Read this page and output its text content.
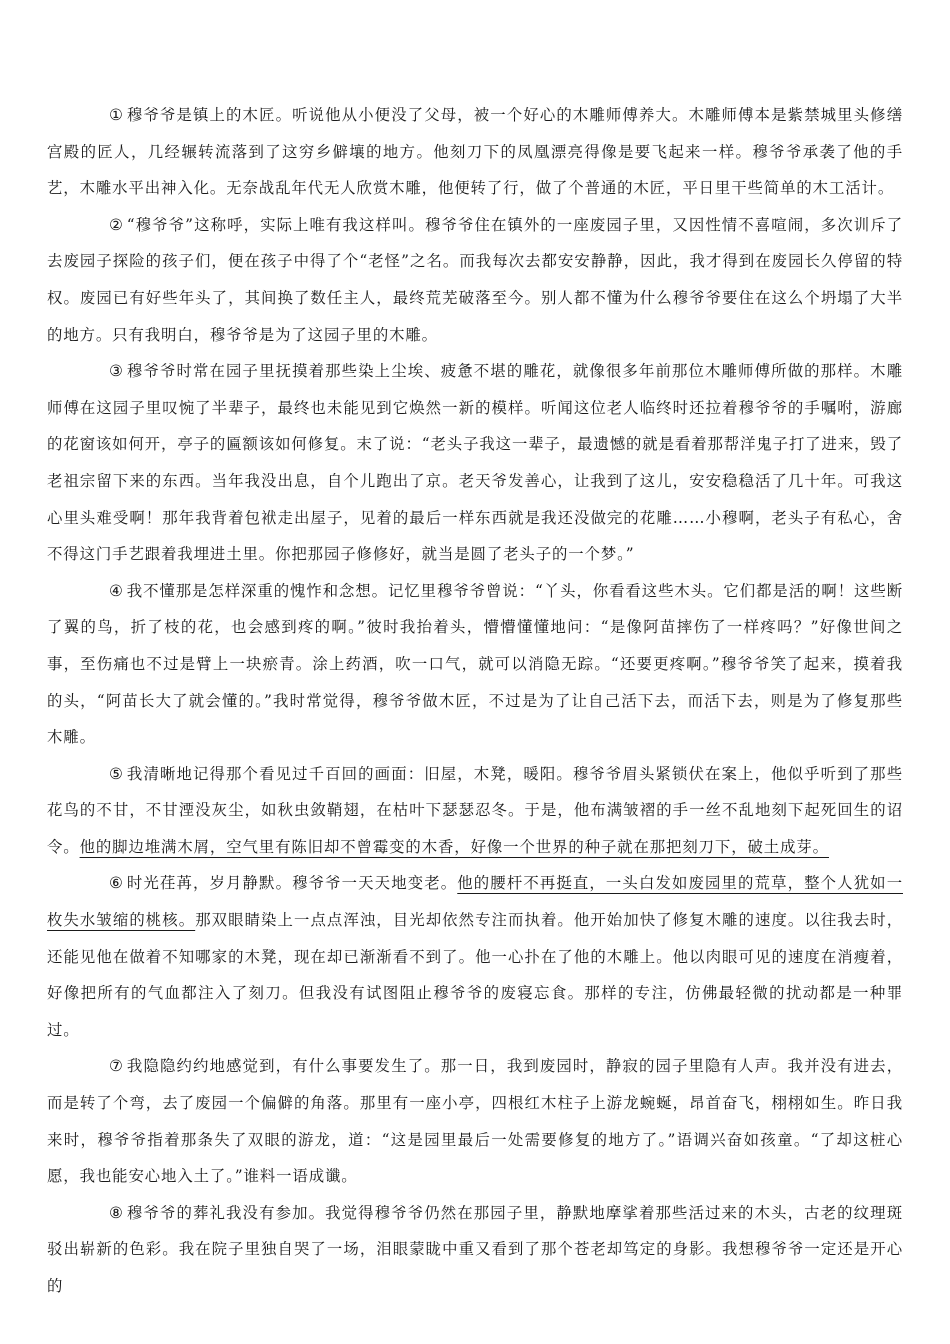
① 穆爷爷是镇上的木匠。听说他从小便没了父母，被一个好心的木雕师傅养大。木雕师傅本是紫禁城里头修缮宫殿的匠人，几经辗转流落到了这穷乡僻壤的地方。他刻刀下的凤凰漂亮得像是要飞起来一样。穆爷爷承袭了他的手艺，木雕水平出神入化。无奈战乱年代无人欣赏木雕，他便转了行，做了个普通的木匠，平日里干些简单的木工活计。

② “穆爷爷”这称呼，实际上唯有我这样叫。穆爷爷住在镇外的一座废园子里，又因性情不喜喧闹，多次训斥了去废园子探险的孩子们，便在孩子中得了个“老怪”之名。而我每次去都安安静静，因此，我才得到在废园长久停留的特权。废园已有好些年头了，其间换了数任主人，最终荒芜破落至今。别人都不懂为什么穆爷爷要住在这么个坍塌了大半的地方。只有我明白，穆爷爷是为了这园子里的木雕。

③ 穆爷爷时常在园子里抚摸着那些染上尘埃、疲惫不堪的雕花，就像很多年前那位木雕师傅所做的那样。木雕师傅在这园子里叹惋了半辈子，最终也未能见到它焕然一新的模样。听闻这位老人临终时还拉着穆爷爷的手嘱咐，游廊的花窗该如何开，亭子的匾额该如何修复。末了说：“老头子我这一辈子，最遗憾的就是看着那帮洋鬼子打了进来，毁了老祖宗留下来的东西。当年我没出息，自个儿跑出了京。老天爷发善心，让我到了这儿，安安稳稳活了几十年。可我这心里头难受啊！那年我背着包袱走出屋子，见着的最后一样东西就是我还没做完的花雕……小穆啊，老头子有私心，舍不得这门手艺跟着我埋进土里。你把那园子修修好，就当是圆了老头子的一个梦。”

④ 我不懂那是怎样深重的愧怍和念想。记忆里穆爷爷曾说：“丫头，你看看这些木头。它们都是活的啊！这些断了翼的鸟，折了枝的花，也会感到疼的啊。”彼时我抬着头，懵懵懂懂地问：“是像阿苗摔伤了一样疼吗？”好像世间之事，至伤痛也不过是臂上一块瘀青。涂上药酒，吹一口气，就可以消隐无踪。“还要更疼啊。”穆爷爷笑了起来，摸着我的头，“阿苗长大了就会懂的。”我时常觉得，穆爷爷做木匠，不过是为了让自己活下去，而活下去，则是为了修复那些木雕。

⑤ 我清晰地记得那个看见过千百回的画面：旧屋，木凳，暖阳。穆爷爷眉头紧锁伏在案上，他似乎听到了那些花鸟的不甘，不甘湮没灰尘，如秋虫敛鞘翅，在枯叶下瑟瑟忍冬。于是，他布满皱褶的手一丝不乱地刻下起死回生的诏令。他的脚边堆满木屑，空气里有陈旧却不曾霉变的木香，好像一个世界的种子就在那把刻刀下，破土成芽。

⑥ 时光荏苒，岁月静默。穆爷爷一天天地变老。他的腰杆不再挺直，一头白发如废园里的荒草，整个人犹如一枚失水皱缩的桃核。那双眼睛染上一点点浑浊，目光却依然专注而执着。他开始加快了修复木雕的速度。以往我去时，还能见他在做着不知哪家的木凳，现在却已渐渐看不到了。他一心扑在了他的木雕上。他以肉眼可见的速度在消瘦着，好像把所有的气血都注入了刻刀。但我没有试图阻止穆爷爷的废寝忘食。那样的专注，仿佛最轻微的扰动都是一种罪过。

⑦ 我隐隐约约地感觉到，有什么事要发生了。那一日，我到废园时，静寂的园子里隐有人声。我并没有进去，而是转了个弯，去了废园一个偏僻的角落。那里有一座小亭，四根红木柱子上游龙蜿蜒，昂首奋飞，栩栩如生。昨日我来时，穆爷爷指着那条失了双眼的游龙，道：“这是园里最后一处需要修复的地方了。”语调兴奋如孩童。“了却这桩心愿，我也能安心地入土了。”谁料一语成谶。

⑧ 穆爷爷的葬礼我没有参加。我觉得穆爷爷仍然在那园子里，静默地摩挲着那些活过来的木头，古老的纹理斑驳出崭新的色彩。我在院子里独自哭了一场，泪眼蒙眬中重又看到了那个苍老却笃定的身影。我想穆爷爷一定还是开心的
